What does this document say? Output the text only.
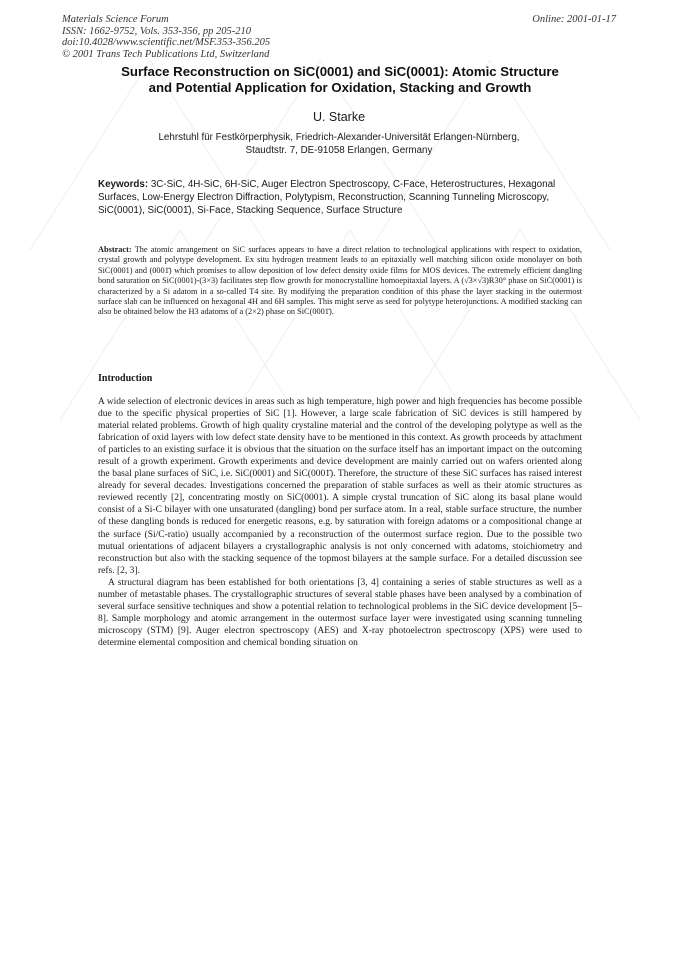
Materials Science Forum
ISSN: 1662-9752, Vols. 353-356, pp 205-210
doi:10.4028/www.scientific.net/MSF.353-356.205
© 2001 Trans Tech Publications Ltd, Switzerland
Online: 2001-01-17
Surface Reconstruction on SiC(0001) and SiC(0001): Atomic Structure
and Potential Application for Oxidation, Stacking and Growth
U. Starke
Lehrstuhl für Festkörperphysik, Friedrich-Alexander-Universität Erlangen-Nürnberg,
Staudtstr. 7, DE-91058 Erlangen, Germany
Keywords: 3C-SiC, 4H-SiC, 6H-SiC, Auger Electron Spectroscopy, C-Face, Heterostructures, Hexagonal Surfaces, Low-Energy Electron Diffraction, Polytypism, Reconstruction, Scanning Tunneling Microscopy, SiC(0001), SiC(0001̄), Si-Face, Stacking Sequence, Surface Structure
Abstract: The atomic arrangement on SiC surfaces appears to have a direct relation to technological applications with respect to oxidation, crystal growth and polytype development. Ex situ hydrogen treatment leads to an epitaxially well matching silicon oxide monolayer on both SiC(0001) and (0001̄) which promises to allow deposition of low defect density oxide films for MOS devices. The extremely efficient dangling bond saturation on SiC(0001)-(3×3) facilitates step flow growth for monocrystalline homoepitaxial layers. A (√3×√3)R30° phase on SiC(0001) is characterized by a Si adatom in a so-called T4 site. By modifying the preparation condition of this phase the layer stacking in the outermost surface slab can be influenced on hexagonal 4H and 6H samples. This might serve as seed for polytype heterojunctions. A modified stacking can also be obtained below the H3 adatoms of a (2×2) phase on SiC(0001̄).
Introduction

A wide selection of electronic devices in areas such as high temperature, high power and high frequencies has become possible due to the specific physical properties of SiC [1]. However, a large scale fabrication of SiC devices is still hampered by material related problems. Growth of high quality crystaline material and the control of the developing polytype as well as the fabrication of oxid layers with low defect state density have to be mentioned in this context. As growth proceeds by attachment of particles to an existing surface it is obvious that the situation on the surface itself has an important impact on the outcoming result of a growth experiment. Growth experiments and device development are mainly carried out on wafers oriented along the basal plane surfaces of SiC, i.e. SiC(0001) and SiC(0001̄). Therefore, the structure of these SiC surfaces has raised interest already for several decades. Investigations concerned the preparation of stable surfaces as well as their atomic structures as reviewed recently [2], concentrating mostly on SiC(0001). A simple crystal truncation of SiC along its basal plane would consist of a Si-C bilayer with one unsaturated (dangling) bond per surface atom. In a real, stable surface structure, the number of these dangling bonds is reduced for energetic reasons, e.g. by saturation with foreign adatoms or a compositional change at the surface (Si/C-ratio) usually accompanied by a reconstruction of the outermost surface region. Due to the possible two mutual orientations of adjacent bilayers a crystallographic analysis is not only concerned with adatoms, stoichiometry and reconstruction but also with the stacking sequence of the topmost bilayers at the sample surface. For a detailed discussion see refs. [2, 3].

A structural diagram has been established for both orientations [3, 4] containing a series of stable structures as well as a number of metastable phases. The crystallographic structures of several stable phases have been analysed by a combination of several surface sensitive techniques and show a potential relation to technological problems in the SiC device development [5–8]. Sample morphology and atomic arrangement in the outermost surface layer were investigated using scanning tunneling microscopy (STM) [9]. Auger electron spectroscopy (AES) and X-ray photoelectron spectroscopy (XPS) were used to determine elemental composition and chemical bonding situation on
